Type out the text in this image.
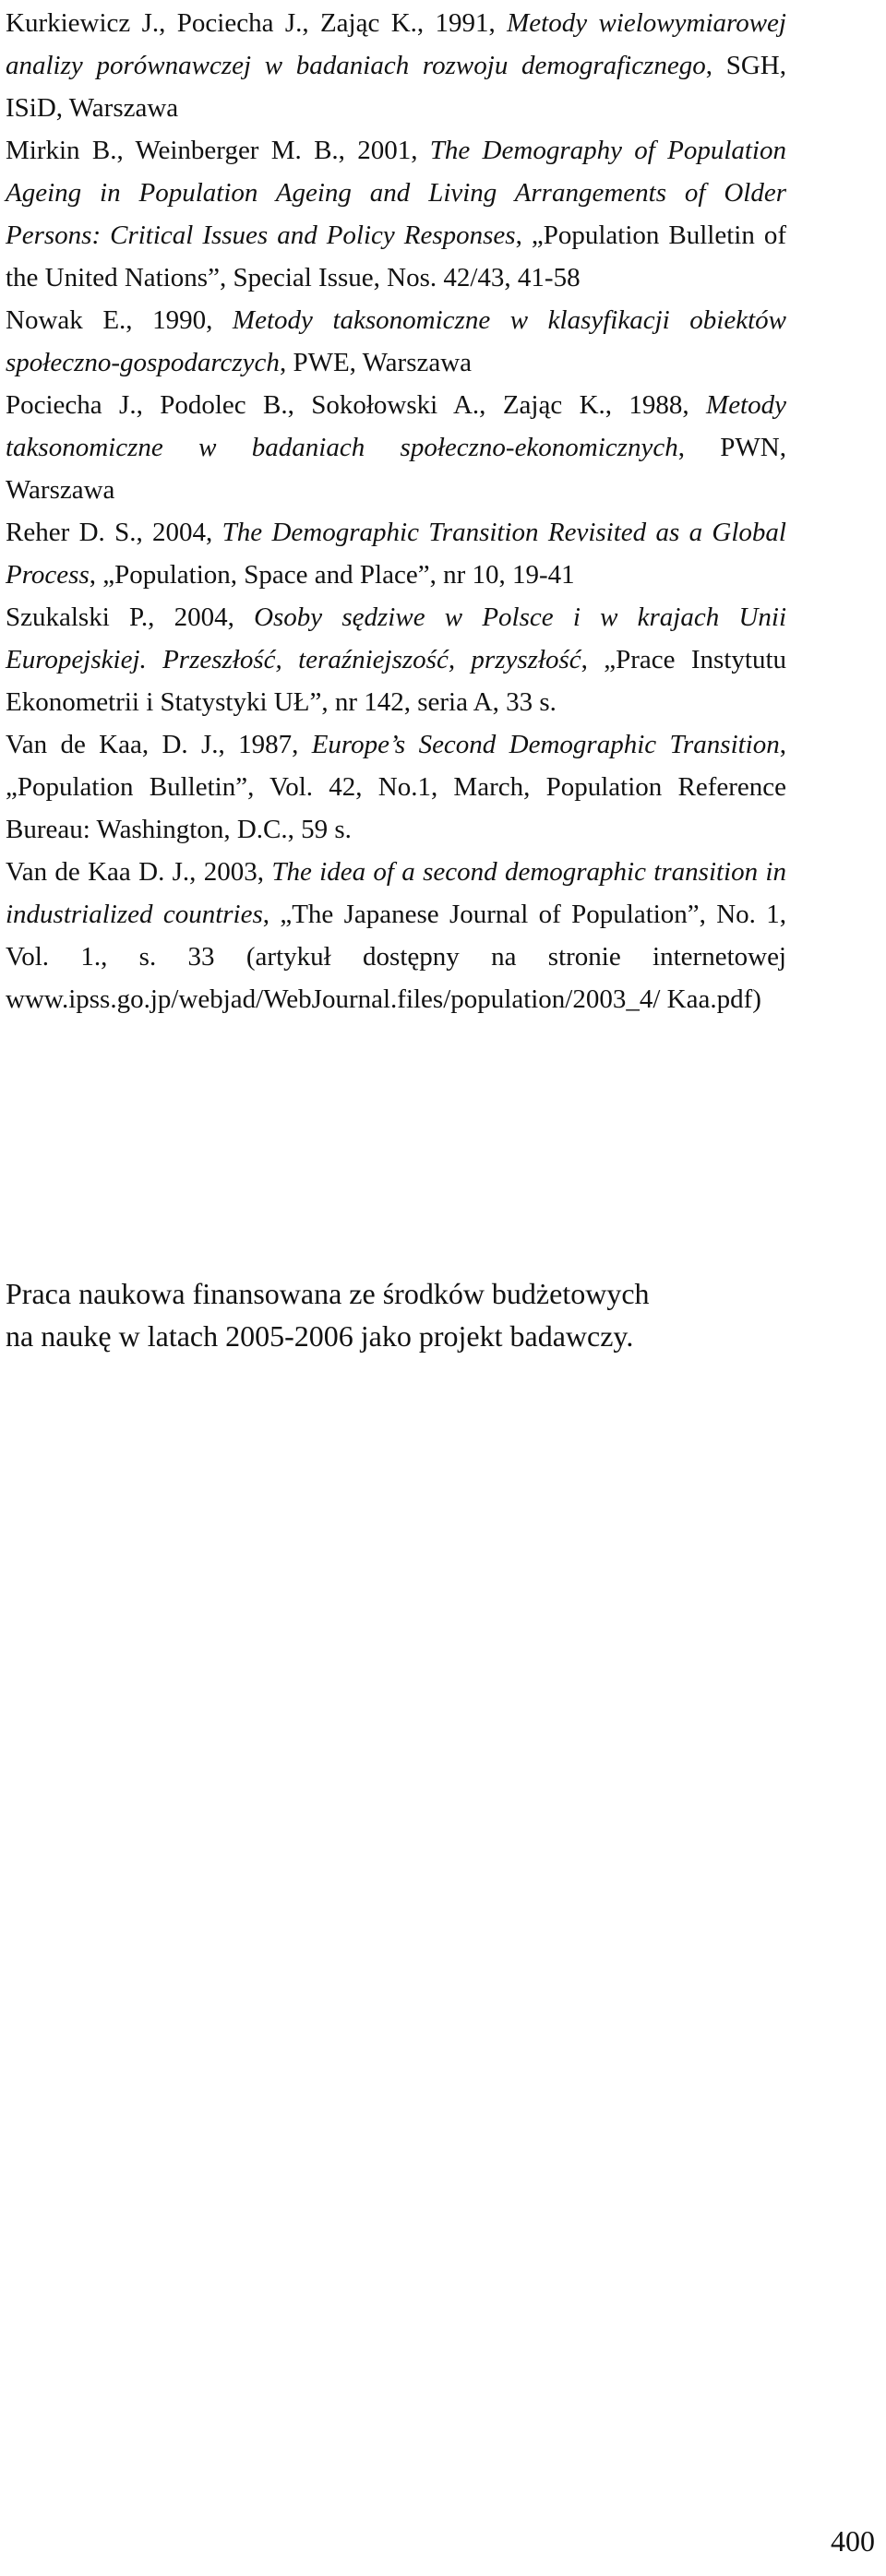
Kurkiewicz J., Pociecha J., Zając K., 1991, Metody wielowymiarowej analizy porównawczej w badaniach rozwoju demograficznego, SGH, ISiD, Warszawa

Mirkin B., Weinberger M. B., 2001, The Demography of Population Ageing in Population Ageing and Living Arrangements of Older Persons: Critical Issues and Policy Responses, „Population Bulletin of the United Nations”, Special Issue, Nos. 42/43, 41-58

Nowak E., 1990, Metody taksonomiczne w klasyfikacji obiektów społeczno-gospodarczych, PWE, Warszawa

Pociecha J., Podolec B., Sokołowski A., Zając K., 1988, Metody taksonomiczne w badaniach społeczno-ekonomicznych, PWN, Warszawa

Reher D. S., 2004, The Demographic Transition Revisited as a Global Process, „Population, Space and Place”, nr 10, 19-41

Szukalski P., 2004, Osoby sędziwe w Polsce i w krajach Unii Europejskiej. Przeszłość, teraźniejszość, przyszłość, „Prace Instytutu Ekonometrii i Statystyki UŁ”, nr 142, seria A, 33 s.

Van de Kaa, D. J., 1987, Europe’s Second Demographic Transition, „Population Bulletin”, Vol. 42, No.1, March, Population Reference Bureau: Washington, D.C., 59 s.

Van de Kaa D. J., 2003, The idea of a second demographic transition in industrialized countries, „The Japanese Journal of Population”, No. 1, Vol. 1., s. 33 (artykuł dostępny na stronie internetowej www.ipss.go.jp/webjad/WebJournal.files/population/2003_4/ Kaa.pdf)

Praca naukowa finansowana ze środków budżetowych

na naukę w latach 2005-2006 jako projekt badawczy.

400
